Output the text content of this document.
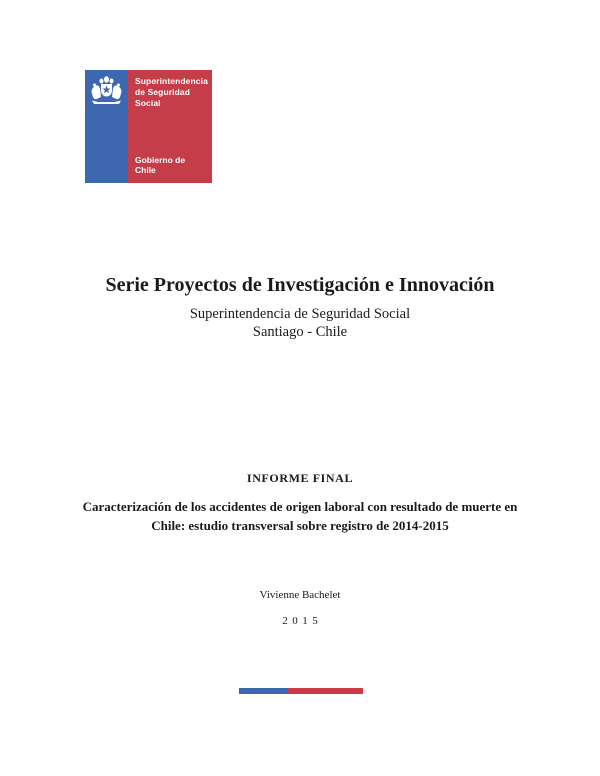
Superintendencia
de Seguridad
Social
Gobierno de Chile
Serie Proyectos de Investigación e Innovación
Superintendencia de Seguridad Social
Santiago - Chile
INFORME FINAL
Caracterización de los accidentes de origen laboral con resultado de muerte en Chile: estudio transversal sobre registro de 2014-2015
Vivienne Bachelet
2015
